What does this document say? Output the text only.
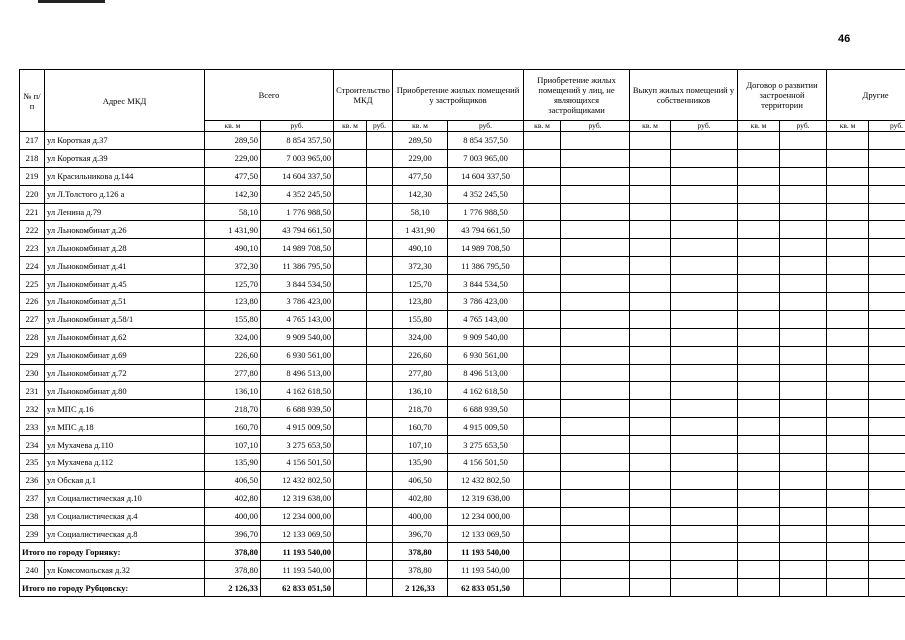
46
№ п/п	Адрес МКД	Всего		Строительство МКД		Приобретение жилых помещений у застройщиков		Приобретение жилых помещений у лиц, не являющихся застройщиками		Выкуп жилых помещений у собственников		Договор о развитии застроенной территории		Другие	
		кв. м	руб.	кв. м	руб.	кв. м	руб.	кв. м	руб.	кв. м	руб.	кв. м	руб.	кв. м	руб.
217	ул Короткая д.37	289,50	8 854 357,50			289,50	8 854 357,50								
218	ул Короткая д.39	229,00	7 003 965,00			229,00	7 003 965,00								
219	ул Красильникова д.144	477,50	14 604 337,50			477,50	14 604 337,50								
220	ул Л.Толстого д.126 а	142,30	4 352 245,50			142,30	4 352 245,50								
221	ул Ленина д.79	58,10	1 776 988,50			58,10	1 776 988,50								
222	ул Льнокомбинат д.26	1 431,90	43 794 661,50			1 431,90	43 794 661,50								
223	ул Льнокомбинат д.28	490,10	14 989 708,50			490,10	14 989 708,50								
224	ул Льнокомбинат д.41	372,30	11 386 795,50			372,30	11 386 795,50								
225	ул Льнокомбинат д.45	125,70	3 844 534,50			125,70	3 844 534,50								
226	ул Льнокомбинат д.51	123,80	3 786 423,00			123,80	3 786 423,00								
227	ул Льнокомбинат д.58/1	155,80	4 765 143,00			155,80	4 765 143,00								
228	ул Льнокомбинат д.62	324,00	9 909 540,00			324,00	9 909 540,00								
229	ул Льнокомбинат д.69	226,60	6 930 561,00			226,60	6 930 561,00								
230	ул Льнокомбинат д.72	277,80	8 496 513,00			277,80	8 496 513,00								
231	ул Льнокомбинат д.80	136,10	4 162 618,50			136,10	4 162 618,50								
232	ул МПС д.16	218,70	6 688 939,50			218,70	6 688 939,50								
233	ул МПС д.18	160,70	4 915 009,50			160,70	4 915 009,50								
234	ул Мухачева д.110	107,10	3 275 653,50			107,10	3 275 653,50								
235	ул Мухачева д.112	135,90	4 156 501,50			135,90	4 156 501,50								
236	ул Обская д.1	406,50	12 432 802,50			406,50	12 432 802,50								
237	ул Социалистическая д.10	402,80	12 319 638,00			402,80	12 319 638,00								
238	ул Социалистическая д.4	400,00	12 234 000,00			400,00	12 234 000,00								
239	ул Социалистическая д.8	396,70	12 133 069,50			396,70	12 133 069,50								
Итого по городу Горняку:		378,80	11 193 540,00			378,80	11 193 540,00								
240	ул Комсомольская д.32	378,80	11 193 540,00			378,80	11 193 540,00								
Итого по городу Рубцовску:		2 126,33	62 833 051,50			2 126,33	62 833 051,50								
